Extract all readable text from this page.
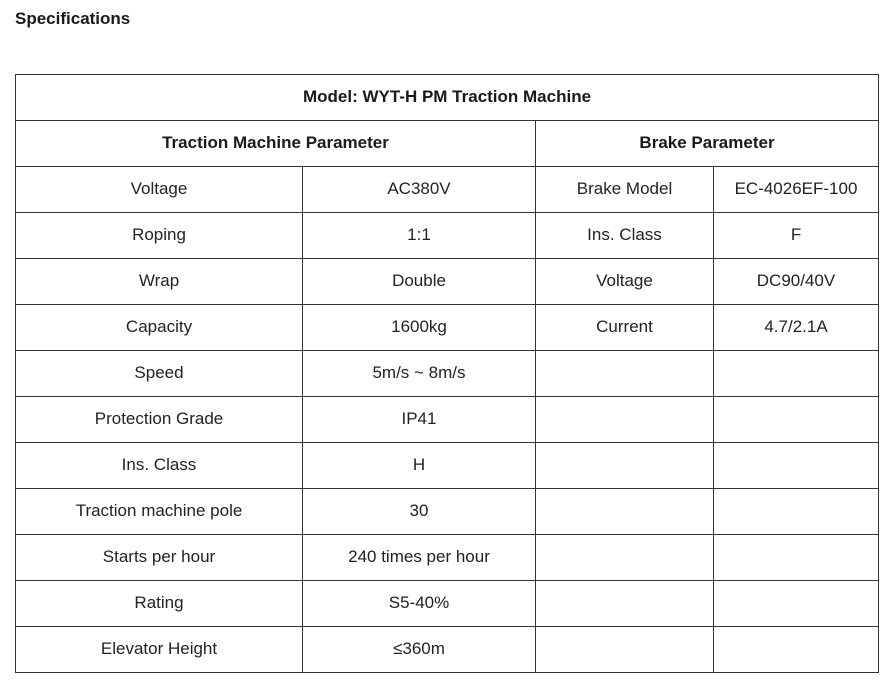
Specifications
Model: WYT-H PM Traction Machine			
Traction Machine Parameter		Brake Parameter	
Voltage	AC380V	Brake Model	EC-4026EF-100
Roping	1:1	Ins. Class	F
Wrap	Double	Voltage	DC90/40V
Capacity	1600kg	Current	4.7/2.1A
Speed	5m/s ~ 8m/s		
Protection Grade	IP41		
Ins. Class	H		
Traction machine pole	30		
Starts per hour	240 times per hour		
Rating	S5-40%		
Elevator Height	≤360m		
